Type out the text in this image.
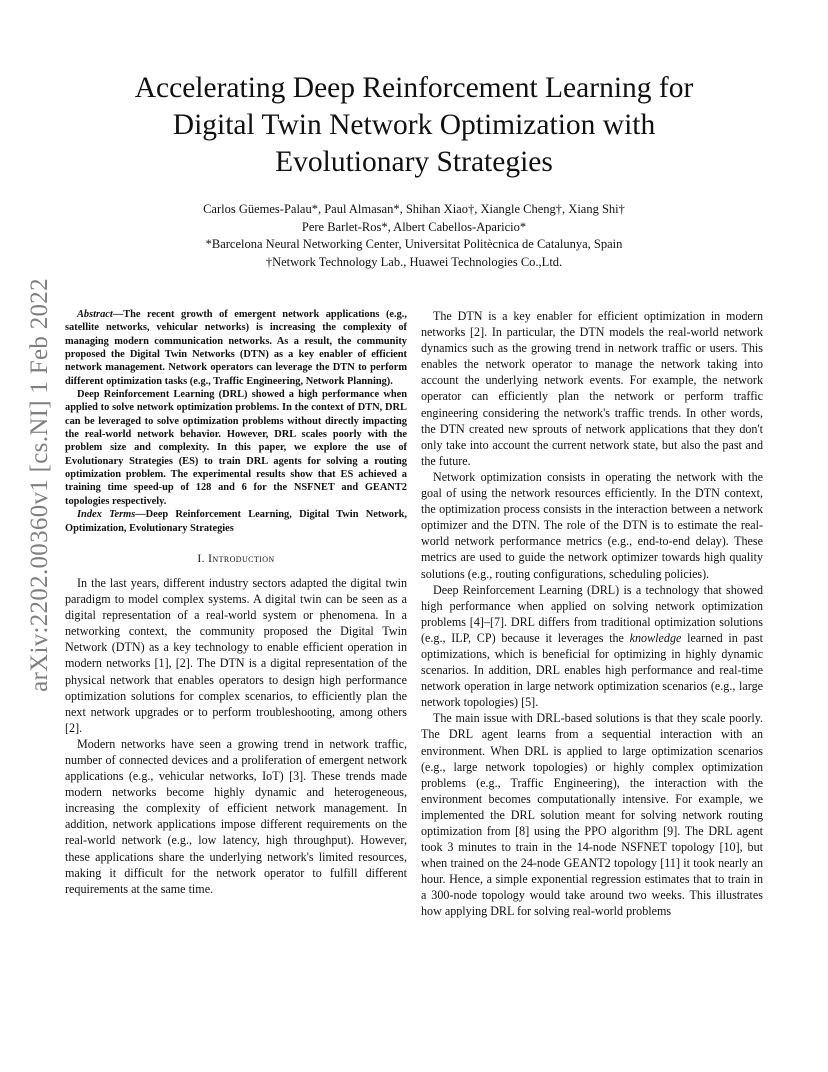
arXiv:2202.00360v1 [cs.NI] 1 Feb 2022
Accelerating Deep Reinforcement Learning for
Digital Twin Network Optimization with
Evolutionary Strategies
Carlos Güemes-Palau*, Paul Almasan*, Shihan Xiao†, Xiangle Cheng†, Xiang Shi†
Pere Barlet-Ros*, Albert Cabellos-Aparicio*
*Barcelona Neural Networking Center, Universitat Politècnica de Catalunya, Spain
†Network Technology Lab., Huawei Technologies Co.,Ltd.

Abstract—The recent growth of emergent network applications (e.g., satellite networks, vehicular networks) is increasing the complexity of managing modern communication networks. As a result, the community proposed the Digital Twin Networks (DTN) as a key enabler of efficient network management. Network operators can leverage the DTN to perform different optimization tasks (e.g., Traffic Engineering, Network Planning).

Deep Reinforcement Learning (DRL) showed a high performance when applied to solve network optimization problems. In the context of DTN, DRL can be leveraged to solve optimization problems without directly impacting the real-world network behavior. However, DRL scales poorly with the problem size and complexity. In this paper, we explore the use of Evolutionary Strategies (ES) to train DRL agents for solving a routing optimization problem. The experimental results show that ES achieved a training time speed-up of 128 and 6 for the NSFNET and GEANT2 topologies respectively.

Index Terms—Deep Reinforcement Learning, Digital Twin Network, Optimization, Evolutionary Strategies

I. Introduction

In the last years, different industry sectors adapted the digital twin paradigm to model complex systems. A digital twin can be seen as a digital representation of a real-world system or phenomena. In a networking context, the community proposed the Digital Twin Network (DTN) as a key technology to enable efficient operation in modern networks [1], [2]. The DTN is a digital representation of the physical network that enables operators to design high performance optimization solutions for complex scenarios, to efficiently plan the next network upgrades or to perform troubleshooting, among others [2].

Modern networks have seen a growing trend in network traffic, number of connected devices and a proliferation of emergent network applications (e.g., vehicular networks, IoT) [3]. These trends made modern networks become highly dynamic and heterogeneous, increasing the complexity of efficient network management. In addition, network applications impose different requirements on the real-world network (e.g., low latency, high throughput). However, these applications share the underlying network's limited resources, making it difficult for the network operator to fulfill different requirements at the same time.

The DTN is a key enabler for efficient optimization in modern networks [2]. In particular, the DTN models the real-world network dynamics such as the growing trend in network traffic or users. This enables the network operator to manage the network taking into account the underlying network events. For example, the network operator can efficiently plan the network or perform traffic engineering considering the network's traffic trends. In other words, the DTN created new sprouts of network applications that they don't only take into account the current network state, but also the past and the future.

Network optimization consists in operating the network with the goal of using the network resources efficiently. In the DTN context, the optimization process consists in the interaction between a network optimizer and the DTN. The role of the DTN is to estimate the real-world network performance metrics (e.g., end-to-end delay). These metrics are used to guide the network optimizer towards high quality solutions (e.g., routing configurations, scheduling policies).

Deep Reinforcement Learning (DRL) is a technology that showed high performance when applied on solving network optimization problems [4]–[7]. DRL differs from traditional optimization solutions (e.g., ILP, CP) because it leverages the knowledge learned in past optimizations, which is beneficial for optimizing in highly dynamic scenarios. In addition, DRL enables high performance and real-time network operation in large network optimization scenarios (e.g., large network topologies) [5].

The main issue with DRL-based solutions is that they scale poorly. The DRL agent learns from a sequential interaction with an environment. When DRL is applied to large optimization scenarios (e.g., large network topologies) or highly complex optimization problems (e.g., Traffic Engineering), the interaction with the environment becomes computationally intensive. For example, we implemented the DRL solution meant for solving network routing optimization from [8] using the PPO algorithm [9]. The DRL agent took 3 minutes to train in the 14-node NSFNET topology [10], but when trained on the 24-node GEANT2 topology [11] it took nearly an hour. Hence, a simple exponential regression estimates that to train in a 300-node topology would take around two weeks. This illustrates how applying DRL for solving real-world problems
